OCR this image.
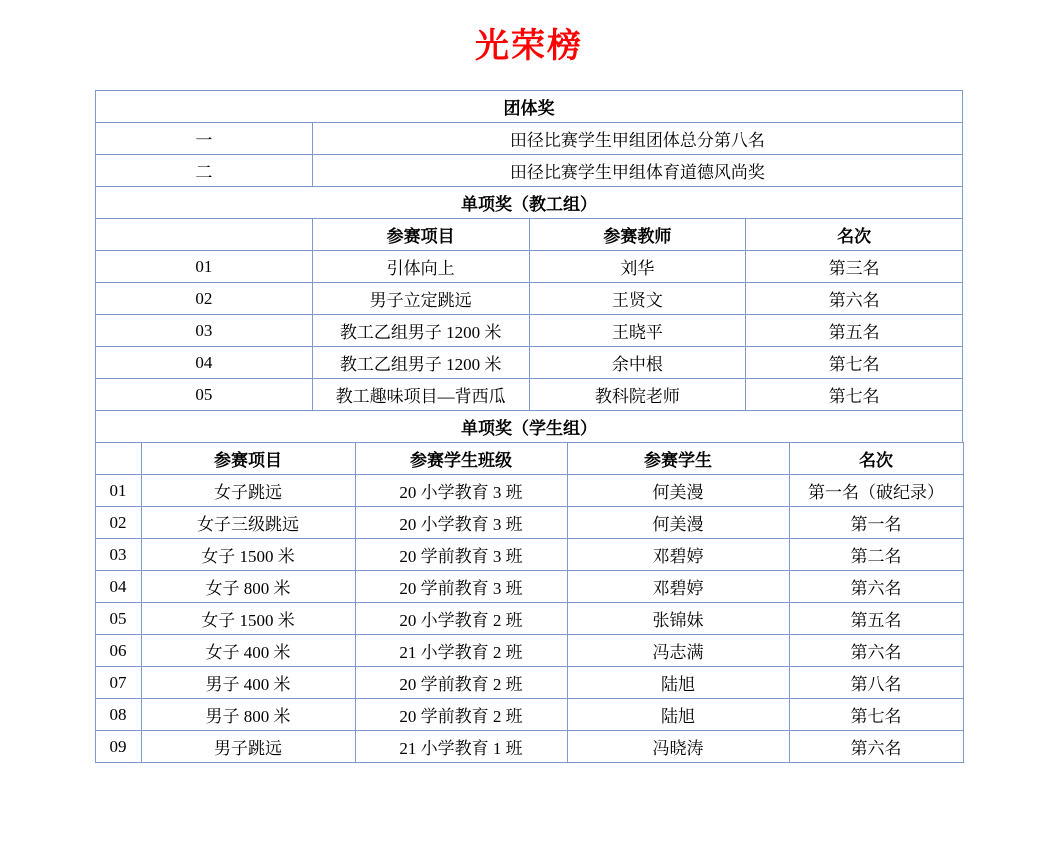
光荣榜
团体奖			
一	田径比赛学生甲组团体总分第八名		
二	田径比赛学生甲组体育道德风尚奖		
单项奖（教工组）			
	参赛项目	参赛教师	名次
01	引体向上	刘华	第三名
02	男子立定跳远	王贤文	第六名
03	教工乙组男子 1200 米	王晓平	第五名
04	教工乙组男子 1200 米	余中根	第七名
05	教工趣味项目—背西瓜	教科院老师	第七名
单项奖（学生组）			
	参赛项目	参赛学生班级	参赛学生	名次
01	女子跳远	20 小学教育 3 班	何美漫	第一名（破纪录）
02	女子三级跳远	20 小学教育 3 班	何美漫	第一名
03	女子 1500 米	20 学前教育 3 班	邓碧婷	第二名
04	女子 800 米	20 学前教育 3 班	邓碧婷	第六名
05	女子 1500 米	20 小学教育 2 班	张锦妹	第五名
06	女子 400 米	21 小学教育 2 班	冯志满	第六名
07	男子 400 米	20 学前教育 2 班	陆旭	第八名
08	男子 800 米	20 学前教育 2 班	陆旭	第七名
09	男子跳远	21 小学教育 1 班	冯晓涛	第六名
